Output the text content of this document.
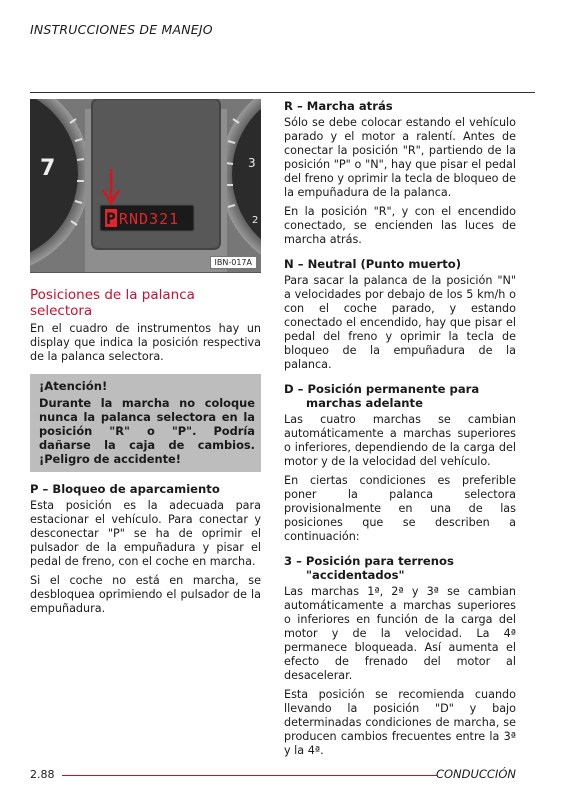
INSTRUCCIONES DE MANEJO
7	3
2
P RND321
IBN-017A
Posiciones de la palanca selectora

En el cuadro de instrumentos hay un display que indica la posición respectiva de la palanca selectora.

¡Atención!
Durante la marcha no coloque nunca la palanca selectora en la posición "R" o "P". Podría dañarse la caja de cambios. ¡Peligro de accidente!
P – Bloqueo de aparcamiento

Esta posición es la adecuada para estacionar el vehículo. Para conectar y desconectar "P" se ha de oprimir el pulsador de la empuñadura y pisar el pedal de freno, con el coche en marcha.

Si el coche no está en marcha, se desbloquea oprimiendo el pulsador de la empuñadura.

R – Marcha atrás

Sólo se debe colocar estando el vehículo parado y el motor a ralentí. Antes de conectar la posición "R", partiendo de la posición "P" o "N", hay que pisar el pedal del freno y oprimir la tecla de bloqueo de la empuñadura de la palanca.

En la posición "R", y con el encendido conectado, se encienden las luces de marcha atrás.

N – Neutral (Punto muerto)

Para sacar la palanca de la posición "N" a velocidades por debajo de los 5 km/h o con el coche parado, y estando conectado el encendido, hay que pisar el pedal del freno y oprimir la tecla de bloqueo de la empuñadura de la palanca.

D – Posición permanente para marchas adelante

Las cuatro marchas se cambian automáticamente a marchas superiores o inferiores, dependiendo de la carga del motor y de la velocidad del vehículo.

En ciertas condiciones es preferible poner la palanca selectora provisionalmente en una de las posiciones que se describen a continuación:

3 – Posición para terrenos "accidentados"

Las marchas 1ª, 2ª y 3ª se cambian automáticamente a marchas superiores o inferiores en función de la carga del motor y de la velocidad. La 4ª permanece bloqueada. Así aumenta el efecto de frenado del motor al desacelerar.

Esta posición se recomienda cuando llevando la posición "D" y bajo determinadas condiciones de marcha, se producen cambios frecuentes entre la 3ª y la 4ª.

2.88	CONDUCCIÓN
